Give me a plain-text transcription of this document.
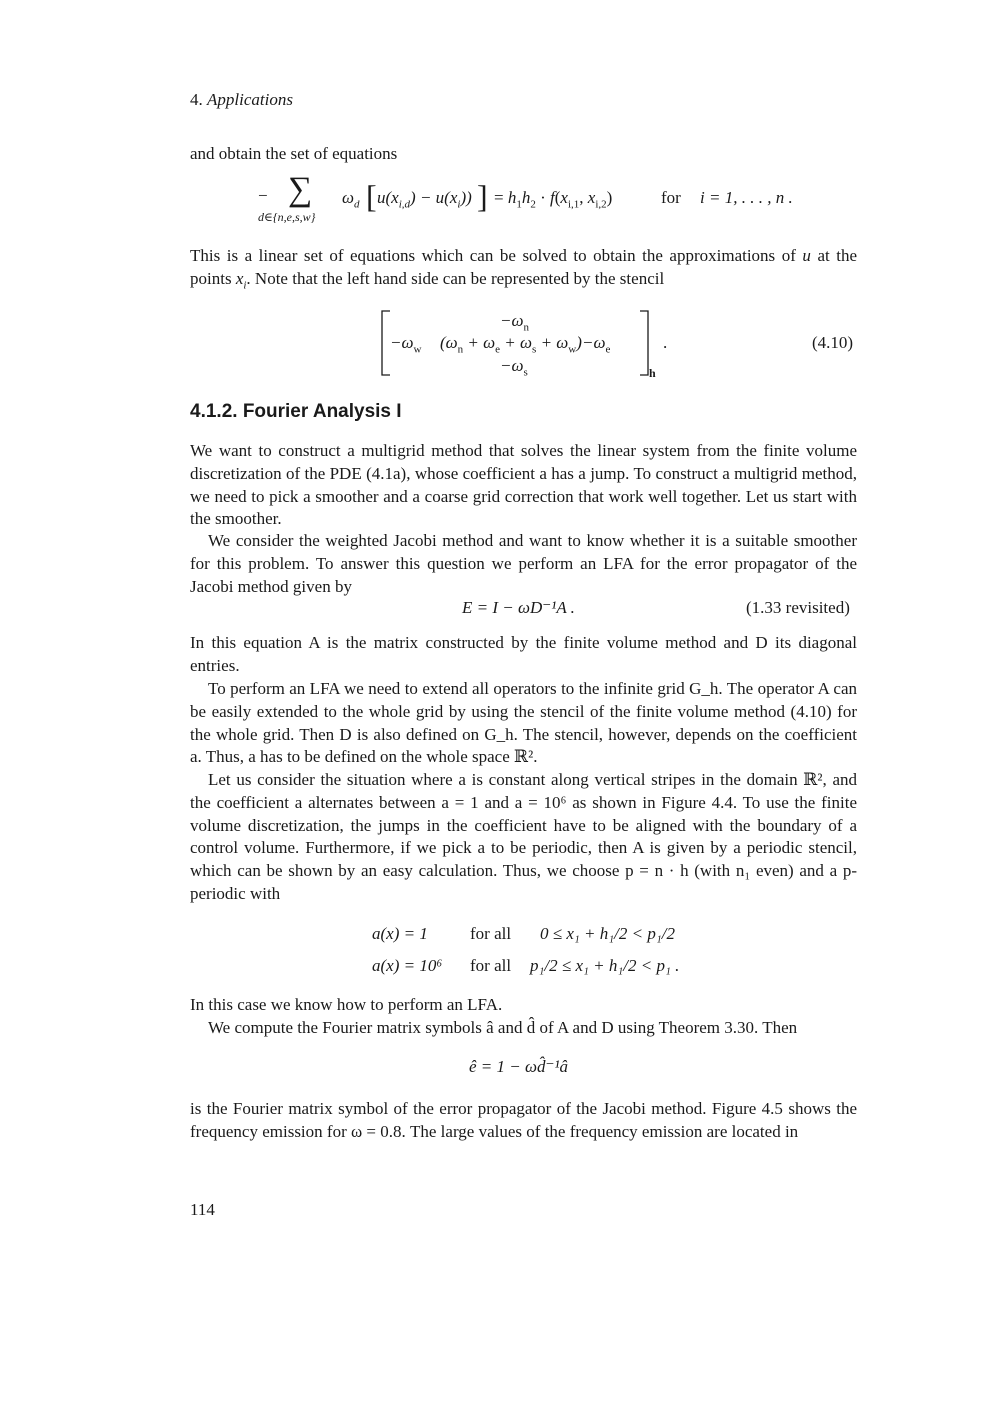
4. Applications

and obtain the set of equations

− ∑
d∈{n,e,s,w}
$\omega_d$ [ $u(x_{i,d}) - u(x_i)$) ] = $h_1h_2 \cdot f(x_{i,1}$, $x_{i,2}$)	for i = 1, . . . , n .

This is a linear set of equations which can be solved to obtain the approximations of u at the points $x_i$. Note that the left hand side can be represented by the stencil

$-\omega_n$
$-\omega_w$ $(\omega_n + \omega_e + \omega_s + \omega_w) -\omega_e$
$-\omega_s$	h
.	(4.10)
4.1.2. Fourier Analysis I

We want to construct a multigrid method that solves the linear system from the finite volume discretization of the PDE (4.1a), whose coefficient a has a jump. To construct a multigrid method, we need to pick a smoother and a coarse grid correction that work well together. Let us start with the smoother.

We consider the weighted Jacobi method and want to know whether it is a suitable smoother for this problem. To answer this question we perform an LFA for the error propagator of the Jacobi method given by

E = I − ωD⁻¹A .	(1.33 revisited)

In this equation A is the matrix constructed by the finite volume method and D its diagonal entries.

To perform an LFA we need to extend all operators to the infinite grid G_h. The operator A can be easily extended to the whole grid by using the stencil of the finite volume method (4.10) for the whole grid. Then D is also defined on G_h. The stencil, however, depends on the coefficient a. Thus, a has to be defined on the whole space ℝ².

Let us consider the situation where a is constant along vertical stripes in the domain ℝ², and the coefficient a alternates between a = 1 and a = 10⁶ as shown in Figure 4.4. To use the finite volume discretization, the jumps in the coefficient have to be aligned with the boundary of a control volume. Furthermore, if we pick a to be periodic, then A is given by a periodic stencil, which can be shown by an easy calculation. Thus, we choose p = n · h (with n₁ even) and a p-periodic with

a(x) = 1 for all 0 ≤ x₁ + h₁/2 < p₁/2
a(x) = 10⁶ for all p₁/2 ≤ x₁ + h₁/2 < p₁ .

In this case we know how to perform an LFA.

We compute the Fourier matrix symbols â and d̂ of A and D using Theorem 3.30. Then

ê = 1 − ωd̂⁻¹â

is the Fourier matrix symbol of the error propagator of the Jacobi method. Figure 4.5 shows the frequency emission for ω = 0.8. The large values of the frequency emission are located in

114
